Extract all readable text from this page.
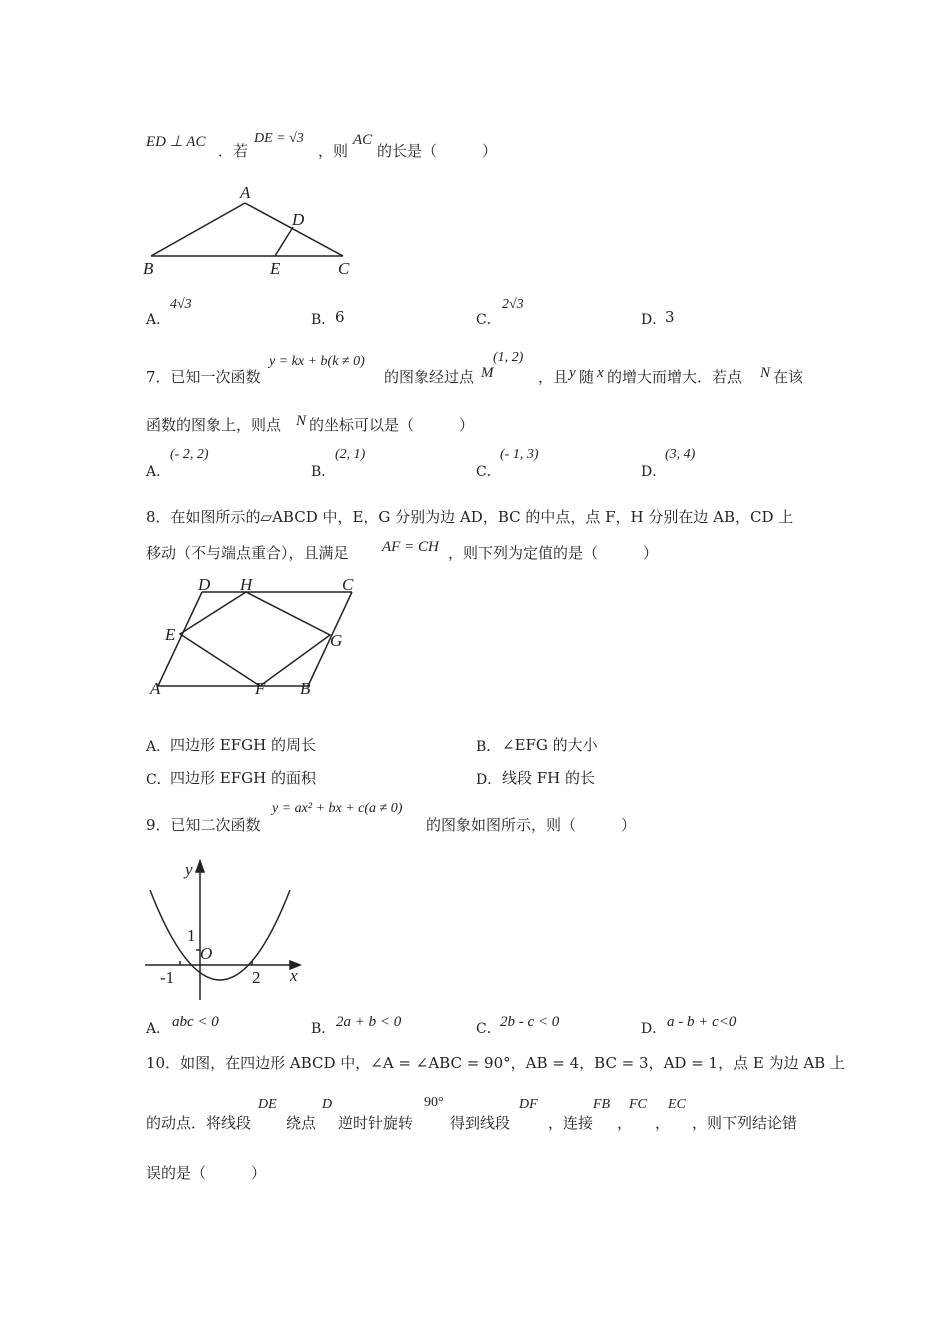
ED ⊥ AC ．若
DE = √3
，则
AC
的长是（　　　）
A
B	C
D
E
A．
4√3
B． 6	C．
2√3
D．
3
7．已知一次函数
y = kx + b(k ≠ 0)
的图象经过点 M
(1, 2)
，且 y 随 x 的增大而增大．若点 N 在该
函数的图象上，则点 N 的坐标可以是（　　　）
A．
(- 2, 2)
B．
(2, 1)
C．
(- 1, 3)
D．
(3, 4)
8．在如图所示的▱ABCD 中，E，G 分别为边 AD，BC 的中点，点 F，H 分别在边 AB，CD 上
移动（不与端点重合），且满足 AF = CH ，则下列为定值的是（　　　）
D H	C
E	G
A	F B
A． 四边形 EFGH 的周长	B． ∠EFG 的大小
C． 四边形 EFGH 的面积	D． 线段 FH 的长
9．已知二次函数
y = ax² + bx + c(a ≠ 0)
的图象如图所示，则（　　　）
y
x
O
1
-1	2
A． abc < 0	B． 2a + b < 0	C． 2b - c < 0	D． a - b + c<0
10．如图，在四边形 ABCD 中，∠A = ∠ABC = 90°，AB = 4，BC = 3，AD = 1，点 E 为边 AB 上
的动点．将线段
DE
绕点
D
逆时针旋转
90°
得到线段
DF
，连接
FB
，
FC
，
EC
，则下列结论错
误的是（　　　）
